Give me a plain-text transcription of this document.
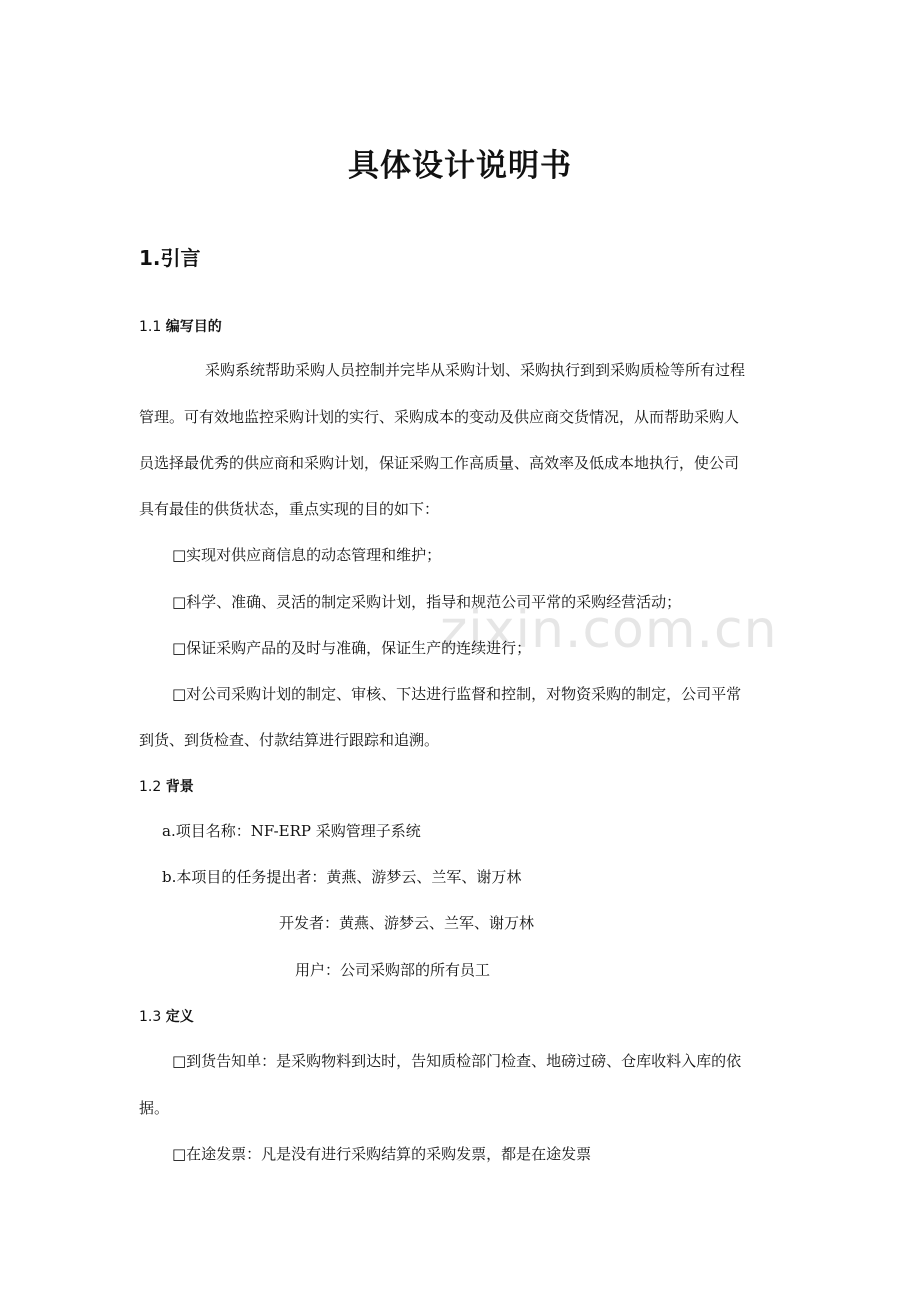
zixin.com.cn
具体设计说明书
1.引言
1.1 编写目的

采购系统帮助采购人员控制并完毕从采购计划、采购执行到到采购质检等所有过程

管理。可有效地监控采购计划的实行、采购成本的变动及供应商交货情况，从而帮助采购人

员选择最优秀的供应商和采购计划，保证采购工作高质量、高效率及低成本地执行，使公司

具有最佳的供货状态，重点实现的目的如下：

□实现对供应商信息的动态管理和维护；

□科学、准确、灵活的制定采购计划，指导和规范公司平常的采购经营活动；

□保证采购产品的及时与准确，保证生产的连续进行；

□对公司采购计划的制定、审核、下达进行监督和控制，对物资采购的制定，公司平常

到货、到货检查、付款结算进行跟踪和追溯。

1.2 背景

a.项目名称：NF-ERP 采购管理子系统

b.本项目的任务提出者：黄燕、游梦云、兰军、谢万林

开发者：黄燕、游梦云、兰军、谢万林

用户：公司采购部的所有员工

1.3 定义

□到货告知单：是采购物料到达时，告知质检部门检查、地磅过磅、仓库收料入库的依

据。

□在途发票：凡是没有进行采购结算的采购发票，都是在途发票
